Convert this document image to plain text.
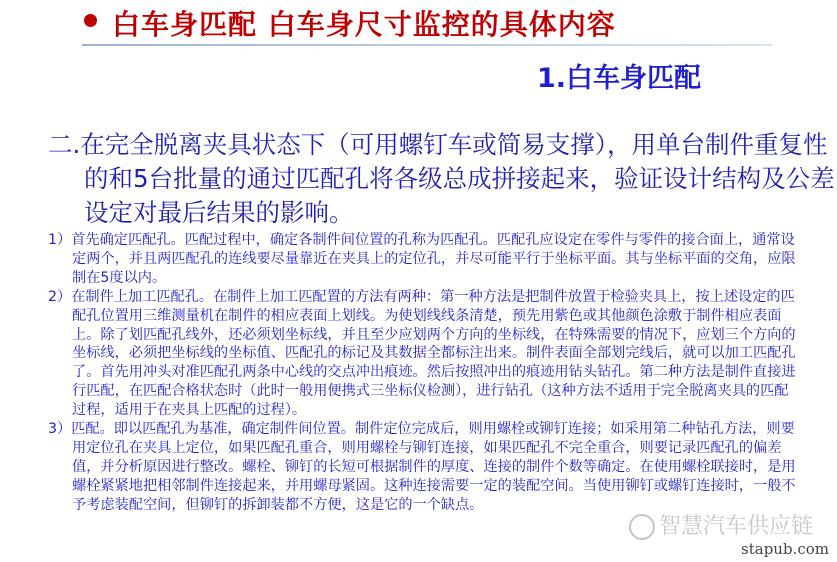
白车身匹配 白车身尺寸监控的具体内容
1.白车身匹配
二.在完全脱离夹具状态下（可用螺钉车或简易支撑），用单台制件重复性的和5台批量的通过匹配孔将各级总成拼接起来，验证设计结构及公差设定对最后结果的影响。

1）首先确定匹配孔。匹配过程中，确定各制件间位置的孔称为匹配孔。匹配孔应设定在零件与零件的接合面上，通常设定两个，并且两匹配孔的连线要尽量靠近在夹具上的定位孔，并尽可能平行于坐标平面。其与坐标平面的交角，应限制在5度以内。

2）在制件上加工匹配孔。在制件上加工匹配置的方法有两种：第一种方法是把制件放置于检验夹具上，按上述设定的匹配孔位置用三维测量机在制件的相应表面上划线。为使划线线条清楚，预先用紫色或其他颜色涂敷于制件相应表面上。除了划匹配孔线外，还必须划坐标线，并且至少应划两个方向的坐标线，在特殊需要的情况下，应划三个方向的坐标线，必须把坐标线的坐标值、匹配孔的标记及其数据全都标注出来。制件表面全部划完线后，就可以加工匹配孔了。首先用冲头对准匹配孔两条中心线的交点冲出痕迹。然后按照冲出的痕迹用钻头钻孔。第二种方法是制件直接进行匹配，在匹配合格状态时（此时一般用便携式三坐标仪检测），进行钻孔（这种方法不适用于完全脱离夹具的匹配过程，适用于在夹具上匹配的过程）。

3）匹配。即以匹配孔为基准，确定制件间位置。制件定位完成后，则用螺栓或铆钉连接；如采用第二种钻孔方法，则要用定位孔在夹具上定位，如果匹配孔重合，则用螺栓与铆钉连接，如果匹配孔不完全重合，则要记录匹配孔的偏差值，并分析原因进行整改。螺栓、铆钉的长短可根据制件的厚度、连接的制件个数等确定。在使用螺栓联接时，是用螺栓紧紧地把相邻制件连接起来，并用螺母紧固。这种连接需要一定的装配空间。当使用铆钉或螺钉连接时，一般不予考虑装配空间，但铆钉的拆卸装都不方便，这是它的一个缺点。

智慧汽车供应链
stapub.com
